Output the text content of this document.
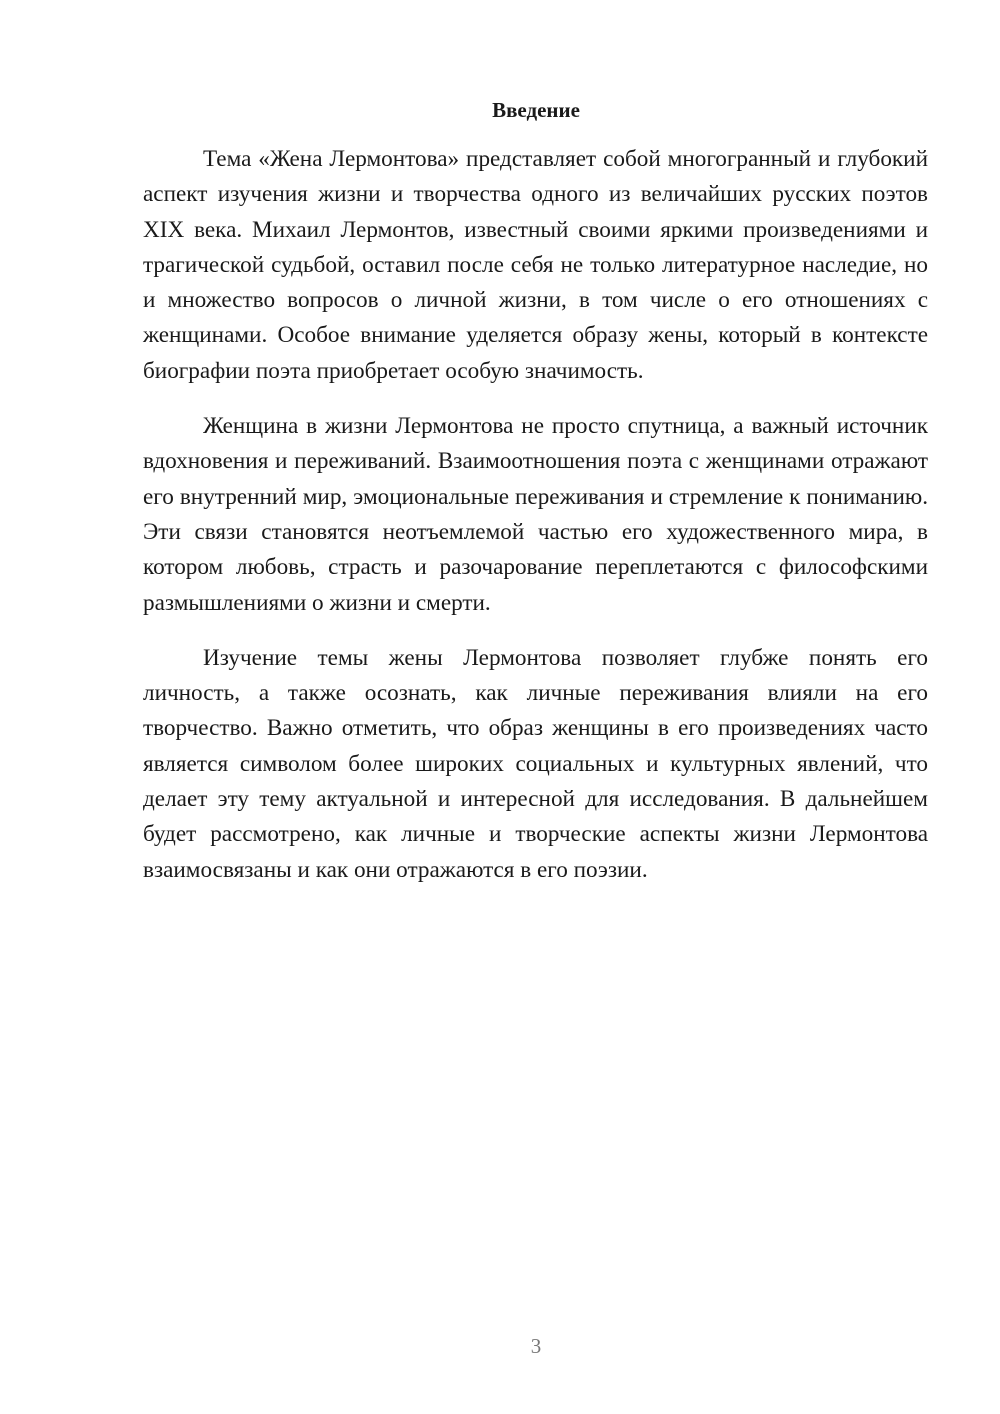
Введение

Тема «Жена Лермонтова» представляет собой многогранный и глубокий аспект изучения жизни и творчества одного из величайших русских поэтов XIX века. Михаил Лермонтов, известный своими яркими произведениями и трагической судьбой, оставил после себя не только литературное наследие, но и множество вопросов о личной жизни, в том числе о его отношениях с женщинами. Особое внимание уделяется образу жены, который в контексте биографии поэта приобретает особую значимость.

Женщина в жизни Лермонтова не просто спутница, а важный источник вдохновения и переживаний. Взаимоотношения поэта с женщинами отражают его внутренний мир, эмоциональные переживания и стремление к пониманию. Эти связи становятся неотъемлемой частью его художественного мира, в котором любовь, страсть и разочарование переплетаются с философскими размышлениями о жизни и смерти.

Изучение темы жены Лермонтова позволяет глубже понять его личность, а также осознать, как личные переживания влияли на его творчество. Важно отметить, что образ женщины в его произведениях часто является символом более широких социальных и культурных явлений, что делает эту тему актуальной и интересной для исследования. В дальнейшем будет рассмотрено, как личные и творческие аспекты жизни Лермонтова взаимосвязаны и как они отражаются в его поэзии.

3
